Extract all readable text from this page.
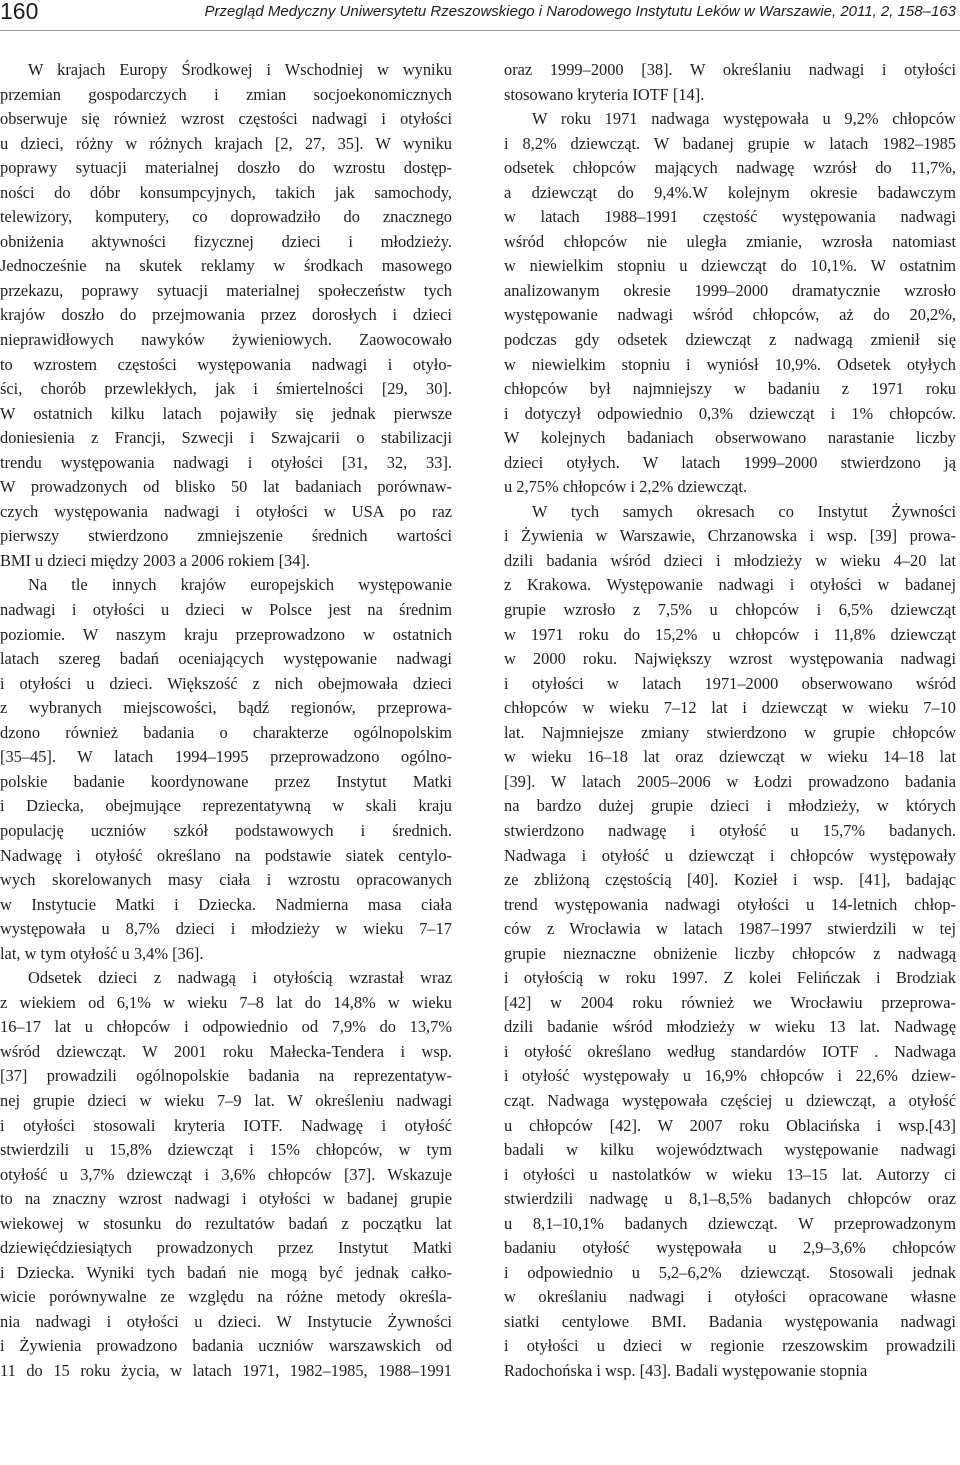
160	Przegląd Medyczny Uniwersytetu Rzeszowskiego i Narodowego Instytutu Leków w Warszawie, 2011, 2, 158–163

W krajach Europy Środkowej i Wschodniej w wyniku
przemian gospodarczych i zmian socjoekonomicznych
obserwuje się również wzrost częstości nadwagi i otyłości
u dzieci, różny w różnych krajach [2, 27, 35]. W wyniku
poprawy sytuacji materialnej doszło do wzrostu dostęp-
ności do dóbr konsumpcyjnych, takich jak samochody,
telewizory, komputery, co doprowadziło do znacznego
obniżenia aktywności fizycznej dzieci i młodzieży.
Jednocześnie na skutek reklamy w środkach masowego
przekazu, poprawy sytuacji materialnej społeczeństw tych
krajów doszło do przejmowania przez dorosłych i dzieci
nieprawidłowych nawyków żywieniowych. Zaowocowało
to wzrostem częstości występowania nadwagi i otyło-
ści, chorób przewlekłych, jak i śmiertelności [29, 30].
W ostatnich kilku latach pojawiły się jednak pierwsze
doniesienia z Francji, Szwecji i Szwajcarii o stabilizacji
trendu występowania nadwagi i otyłości [31, 32, 33].
W prowadzonych od blisko 50 lat badaniach porównaw-
czych występowania nadwagi i otyłości w USA po raz
pierwszy stwierdzono zmniejszenie średnich wartości
BMI u dzieci między 2003 a 2006 rokiem [34].

Na tle innych krajów europejskich występowanie
nadwagi i otyłości u dzieci w Polsce jest na średnim
poziomie. W naszym kraju przeprowadzono w ostatnich
latach szereg badań oceniających występowanie nadwagi
i otyłości u dzieci. Większość z nich obejmowała dzieci
z wybranych miejscowości, bądź regionów, przeprowa-
dzono również badania o charakterze ogólnopolskim
[35–45]. W latach 1994–1995 przeprowadzono ogólno-
polskie badanie koordynowane przez Instytut Matki
i Dziecka, obejmujące reprezentatywną w skali kraju
populację uczniów szkół podstawowych i średnich.
Nadwagę i otyłość określano na podstawie siatek centylo-
wych skorelowanych masy ciała i wzrostu opracowanych
w Instytucie Matki i Dziecka. Nadmierna masa ciała
występowała u 8,7% dzieci i młodzieży w wieku 7–17
lat, w tym otyłość u 3,4% [36].

Odsetek dzieci z nadwagą i otyłością wzrastał wraz
z wiekiem od 6,1% w wieku 7–8 lat do 14,8% w wieku
16–17 lat u chłopców i odpowiednio od 7,9% do 13,7%
wśród dziewcząt. W 2001 roku Małecka-Tendera i wsp.
[37] prowadzili ogólnopolskie badania na reprezentatyw-
nej grupie dzieci w wieku 7–9 lat. W określeniu nadwagi
i otyłości stosowali kryteria IOTF. Nadwagę i otyłość
stwierdzili u 15,8% dziewcząt i 15% chłopców, w tym
otyłość u 3,7% dziewcząt i 3,6% chłopców [37]. Wskazuje
to na znaczny wzrost nadwagi i otyłości w badanej grupie
wiekowej w stosunku do rezultatów badań z początku lat
dziewięćdziesiątych prowadzonych przez Instytut Matki
i Dziecka. Wyniki tych badań nie mogą być jednak całko-
wicie porównywalne ze względu na różne metody określa-
nia nadwagi i otyłości u dzieci. W Instytucie Żywności
i Żywienia prowadzono badania uczniów warszawskich od
11 do 15 roku życia, w latach 1971, 1982–1985, 1988–1991

oraz 1999–2000 [38]. W określaniu nadwagi i otyłości
stosowano kryteria IOTF [14].

W roku 1971 nadwaga występowała u 9,2% chłopców
i 8,2% dziewcząt. W badanej grupie w latach 1982–1985
odsetek chłopców mających nadwagę wzrósł do 11,7%,
a dziewcząt do 9,4%.W kolejnym okresie badawczym
w latach 1988–1991 częstość występowania nadwagi
wśród chłopców nie uległa zmianie, wzrosła natomiast
w niewielkim stopniu u dziewcząt do 10,1%. W ostatnim
analizowanym okresie 1999–2000 dramatycznie wzrosło
występowanie nadwagi wśród chłopców, aż do 20,2%,
podczas gdy odsetek dziewcząt z nadwagą zmienił się
w niewielkim stopniu i wyniósł 10,9%. Odsetek otyłych
chłopców był najmniejszy w badaniu z 1971 roku
i dotyczył odpowiednio 0,3% dziewcząt i 1% chłopców.
W kolejnych badaniach obserwowano narastanie liczby
dzieci otyłych. W latach 1999–2000 stwierdzono ją
u 2,75% chłopców i 2,2% dziewcząt.

W tych samych okresach co Instytut Żywności
i Żywienia w Warszawie, Chrzanowska i wsp. [39] prowa-
dzili badania wśród dzieci i młodzieży w wieku 4–20 lat
z Krakowa. Występowanie nadwagi i otyłości w badanej
grupie wzrosło z 7,5% u chłopców i 6,5% dziewcząt
w 1971 roku do 15,2% u chłopców i 11,8% dziewcząt
w 2000 roku. Największy wzrost występowania nadwagi
i otyłości w latach 1971–2000 obserwowano wśród
chłopców w wieku 7–12 lat i dziewcząt w wieku 7–10
lat. Najmniejsze zmiany stwierdzono w grupie chłopców
w wieku 16–18 lat oraz dziewcząt w wieku 14–18 lat
[39]. W latach 2005–2006 w Łodzi prowadzono badania
na bardzo dużej grupie dzieci i młodzieży, w których
stwierdzono nadwagę i otyłość u 15,7% badanych.
Nadwaga i otyłość u dziewcząt i chłopców występowały
ze zbliżoną częstością [40]. Kozieł i wsp. [41], badając
trend występowania nadwagi otyłości u 14-letnich chłop-
ców z Wrocławia w latach 1987–1997 stwierdzili w tej
grupie nieznaczne obniżenie liczby chłopców z nadwagą
i otyłością w roku 1997. Z kolei Felińczak i Brodziak
[42] w 2004 roku również we Wrocławiu przeprowa-
dzili badanie wśród młodzieży w wieku 13 lat. Nadwagę
i otyłość określano według standardów IOTF . Nadwaga
i otyłość występowały u 16,9% chłopców i 22,6% dziew-
cząt. Nadwaga występowała częściej u dziewcząt, a otyłość
u chłopców [42]. W 2007 roku Oblacińska i wsp.[43]
badali w kilku województwach występowanie nadwagi
i otyłości u nastolatków w wieku 13–15 lat. Autorzy ci
stwierdzili nadwagę u 8,1–8,5% badanych chłopców oraz
u 8,1–10,1% badanych dziewcząt. W przeprowadzonym
badaniu otyłość występowała u 2,9–3,6% chłopców
i odpowiednio u 5,2–6,2% dziewcząt. Stosowali jednak
w określaniu nadwagi i otyłości opracowane własne
siatki centylowe BMI. Badania występowania nadwagi
i otyłości u dzieci w regionie rzeszowskim prowadzili
Radochońska i wsp. [43]. Badali występowanie stopnia
